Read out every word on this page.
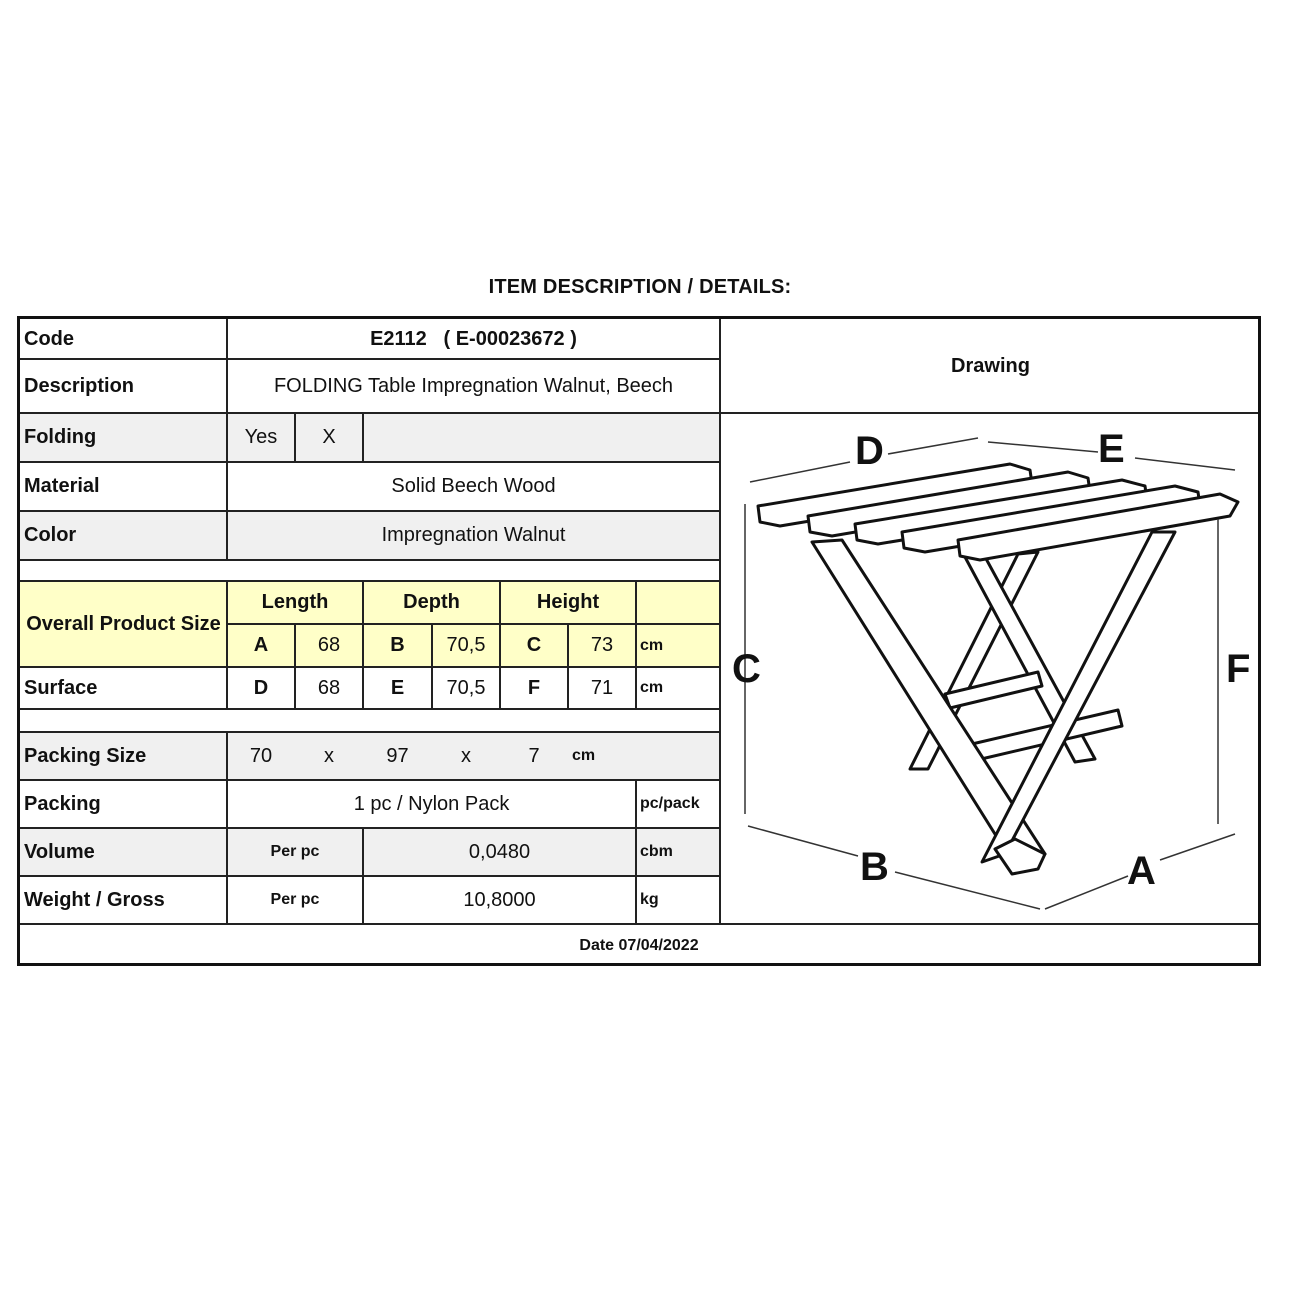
ITEM DESCRIPTION / DETAILS:
Code	E2112   ( E-00023672 )
Description	FOLDING Table Impregnation Walnut, Beech
Folding	Yes	X
Material	Solid Beech Wood
Color	Impregnation Walnut
Overall Product Size
Length	Depth	Height
A	68	B	70,5	C	73	cm
Surface	D	68	E	70,5	F	71	cm
Packing Size	70	x	97	x	7	cm
Packing	1 pc / Nylon Pack	pc/pack
Volume	Per pc	0,0480	cbm
Weight / Gross	Per pc	10,8000	kg
Date 07/04/2022
Drawing
D	E
C	F
B	A
